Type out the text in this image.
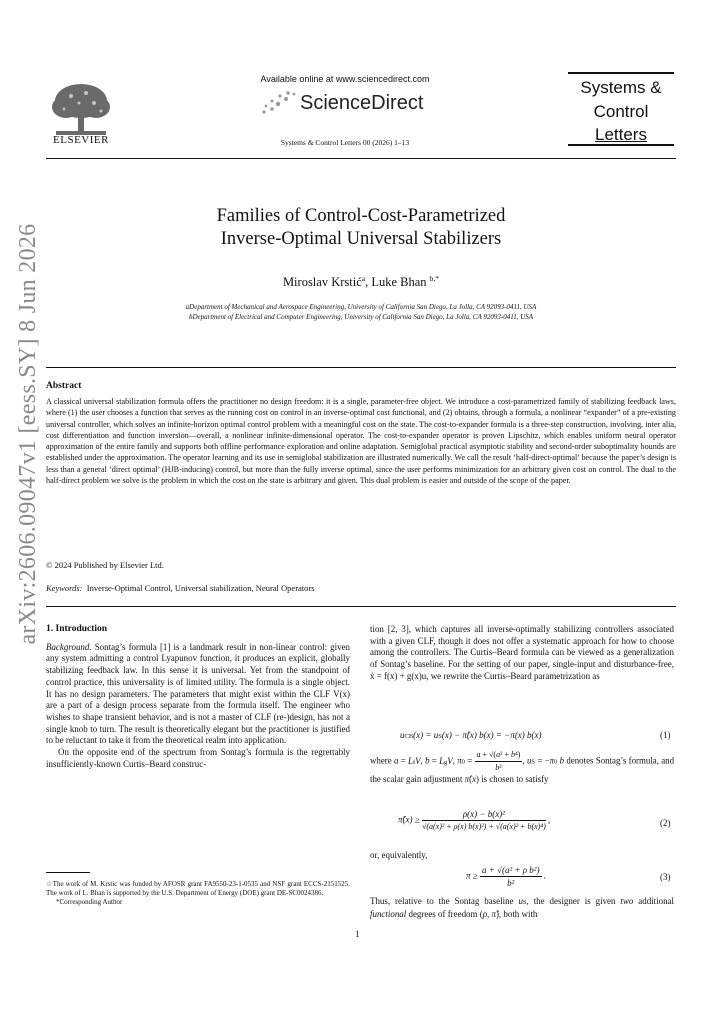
arXiv:2606.09047v1 [eess.SY] 8 Jun 2026
ELSEVIER
Available online at www.sciencedirect.com
ScienceDirect
Systems & Control Letters 00 (2026) 1–13
Systems &
Control
Letters
Families of Control-Cost-Parametrized
Inverse-Optimal Universal Stabilizers
Miroslav Krstić$^a$, Luke Bhan $^{b,*}$
aDepartment of Mechanical and Aerospace Engineering, University of California San Diego, La Jolla, CA 92093-0411, USA
bDepartment of Electrical and Computer Engineering, University of California San Diego, La Jolla, CA 92093-0411, USA
Abstract
A classical universal stabilization formula offers the practitioner no design freedom: it is a single, parameter-free object. We introduce a cost-parametrized family of stabilizing feedback laws, where (1) the user chooses a function that serves as the running cost on control in an inverse-optimal cost functional, and (2) obtains, through a formula, a nonlinear “expander” of a pre-existing universal controller, which solves an infinite-horizon optimal control problem with a meaningful cost on the state. The cost-to-expander formula is a three-step construction, involving, inter alia, cost differentiation and function inversion—overall, a nonlinear infinite-dimensional operator. The cost-to-expander operator is proven Lipschitz, which enables uniform neural operator approximation of the entire family and supports both offline performance exploration and online adaptation. Semiglobal practical asymptotic stability and second-order suboptimality bounds are established under the approximation. The operator learning and its use in semiglobal stabilization are illustrated numerically. We call the result ‘half-direct-optimal’ because the paper’s design is less than a general ‘direct optimal’ (HJB-inducing) control, but more than the fully inverse optimal, since the user performs minimization for an arbitrary given cost on control. The dual to the half-direct problem we solve is the problem in which the cost on the state is arbitrary and given. This dual problem is easier and outside of the scope of the paper.
© 2024 Published by Elsevier Ltd.
Keywords: Inverse-Optimal Control, Universal stabilization, Neural Operators
1. Introduction

Background. Sontag’s formula [1] is a landmark result in non-linear control: given any system admitting a control Lyapunov function, it produces an explicit, globally stabilizing feedback law. In this sense it is universal. Yet from the standpoint of control practice, this universality is of limited utility. The formula is a single object. It has no design parameters. The parameters that might exist within the CLF V(x) are a part of a design process separate from the formula itself. The engineer who wishes to shape transient behavior, and is not a master of CLF (re-)design, has not a single knob to turn. The result is theoretically elegant but the practitioner is justified to be reluctant to take it from the theoretical realm into application.

On the opposite end of the spectrum from Sontag’s formula is the regrettably insufficiently-known Curtis–Beard construc-

tion [2, 3], which captures all inverse-optimally stabilizing controllers associated with a given CLF, though it does not offer a systematic approach for how to choose among the controllers. The Curtis–Beard formula can be viewed as a generalization of Sontag’s baseline. For the setting of our paper, single-input and disturbance-free, ẋ = f(x) + g(x)u, we rewrite the Curtis–Beard parametrization as
uCB(x) = uS(x) − π̂(x) b(x) = −π(x) b(x)	(1)
where a = LfV, b = LgV, $\pi 0 = \frac{\text{a + √(a² + b⁴)}}{\text{b²}}$ , uS = −π0 b denotes Sontag’s formula, and the scalar gain adjustment π̂(x) is chosen to satisfy
π̂(x) ≥ $\frac{\text{ρ(x) − b(x)²}}{\text{√(a(x)² + ρ(x) b(x)²) + √(a(x)² + b(x)⁴)}}$ ,	(2)
or, equivalently,
$\pi \ge \frac{\text{a + √(a² + ρ b²)}}{\text{b²}}$ .	(3)
Thus, relative to the Sontag baseline uS, the designer is given two additional functional degrees of freedom (ρ, π̂), both with
☆The work of M. Krstic was funded by AFOSR grant FA9550-23-1-0535 and NSF grant ECCS-2151525. The work of L. Bhan is supported by the U.S. Department of Energy (DOE) grant DE-SC0024386.
*Corresponding Author
1
